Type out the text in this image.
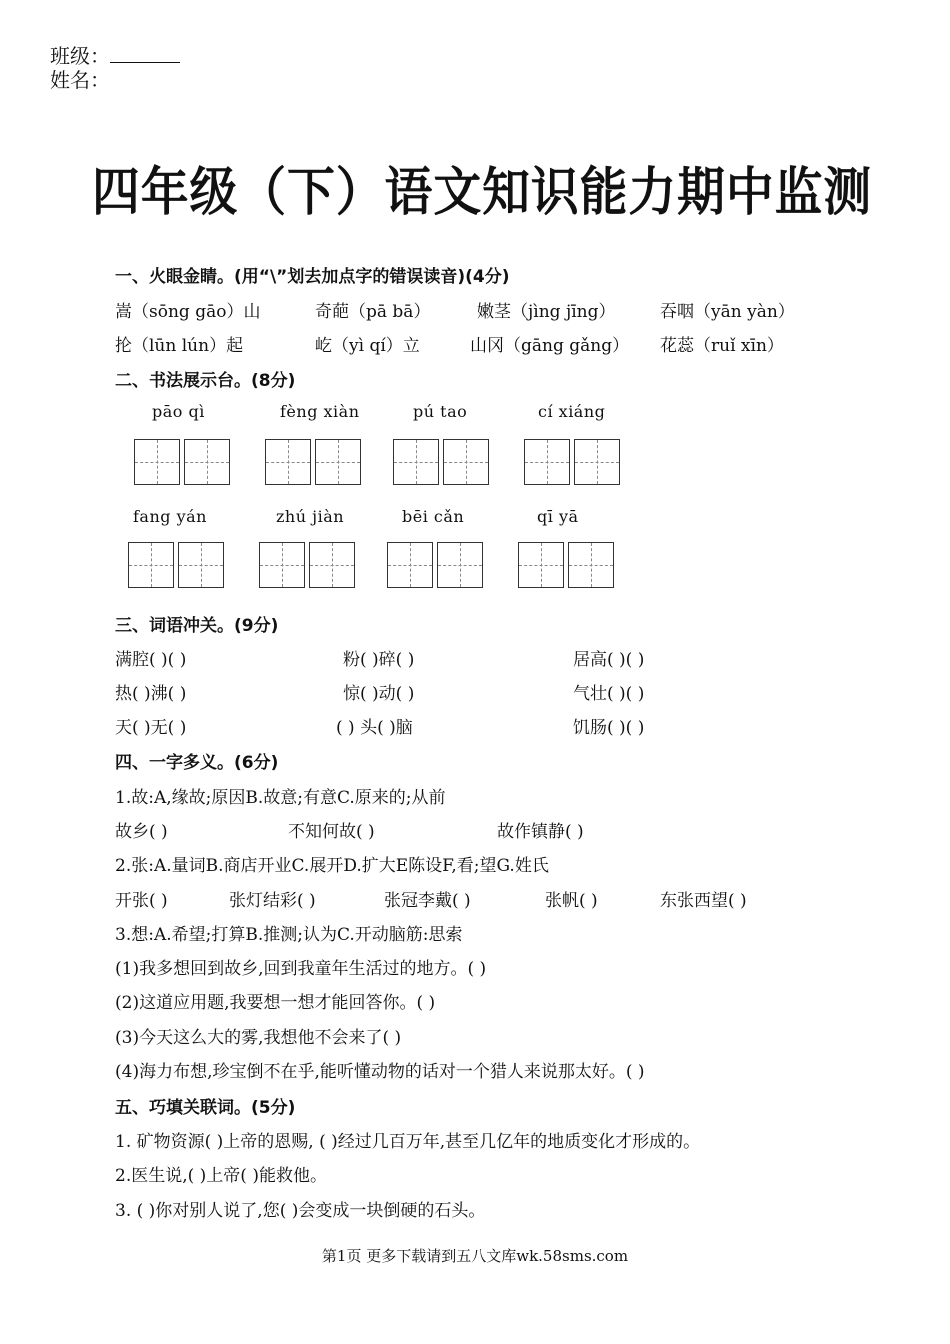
班级：
姓名：
四年级（下）语文知识能力期中监测
一、火眼金睛。(用“\”划去加点字的错误读音)(4分)
嵩（sōng gāo）山	奇葩（pā bā）	嫩茎（jìng jīng）	吞咽（yān yàn）
抡（lūn lún）起	屹（yì qí）立	山冈（gāng gǎng） 花蕊（ruǐ xīn）
二、书法展示台。(8分)
pāo qì	fèng xiàn	pú tao	cí xiáng
fang yán	zhú jiàn	bēi cǎn	qī yā
三、词语冲关。(9分)
满腔( )( )	粉( )碎( )	居高( )( )
热( )沸( )	惊( )动( )	气壮( )( )
天( )无( )	( ) 头( )脑	饥肠( )( )
四、一字多义。(6分)
1.故:A,缘故;原因B.故意;有意C.原来的;从前
故乡( )	不知何故( )	故作镇静( )
2.张:A.量词B.商店开业C.展开D.扩大E陈设F,看;望G.姓氏
开张( )	张灯结彩( )	张冠李戴( )	张帆( )	东张西望( )
3.想:A.希望;打算B.推测;认为C.开动脑筋:思索
(1)我多想回到故乡,回到我童年生活过的地方。( )
(2)这道应用题,我要想一想才能回答你。( )
(3)今天这么大的雾,我想他不会来了( )
(4)海力布想,珍宝倒不在乎,能听懂动物的话对一个猎人来说那太好。( )
五、巧填关联词。(5分)
1. 矿物资源( )上帝的恩赐, ( )经过几百万年,甚至几亿年的地质变化才形成的。
2.医生说,( )上帝( )能救他。
3. ( )你对别人说了,您( )会变成一块倒硬的石头。
第1页 更多下载请到五八文库wk.58sms.com
